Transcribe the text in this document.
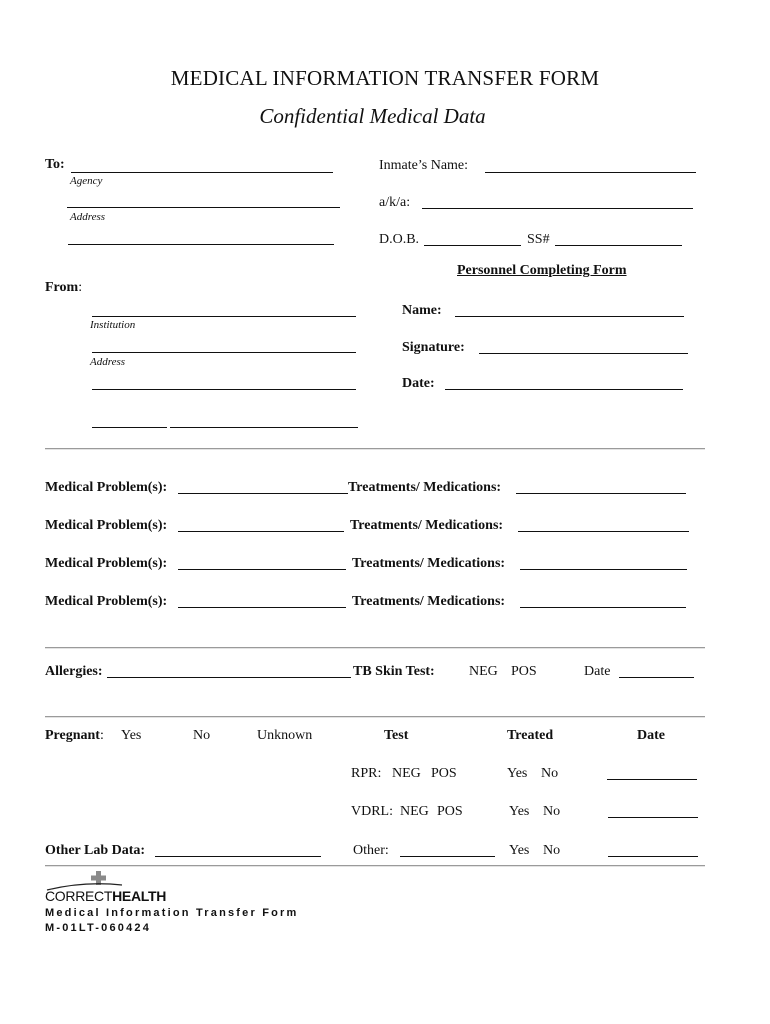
MEDICAL INFORMATION TRANSFER FORM
Confidential Medical Data
To:
Agency
Address
Inmate’s Name:
a/k/a:
D.O.B.	SS#
Personnel Completing Form
Name:
Signature:
Date:
From:
Institution
Address
Medical Problem(s):	Treatments/ Medications:
Medical Problem(s):	Treatments/ Medications:
Medical Problem(s):	Treatments/ Medications:
Medical Problem(s):	Treatments/ Medications:
Allergies:	TB Skin Test: NEG POS	Date
Pregnant: Yes	No	Unknown	Test	Treated	Date
RPR: NEG POS	Yes No
VDRL: NEG POS	Yes No
Other Lab Data:	Other:	Yes No
CORRECTHEALTH
Medical Information Transfer Form
M-01LT-060424
